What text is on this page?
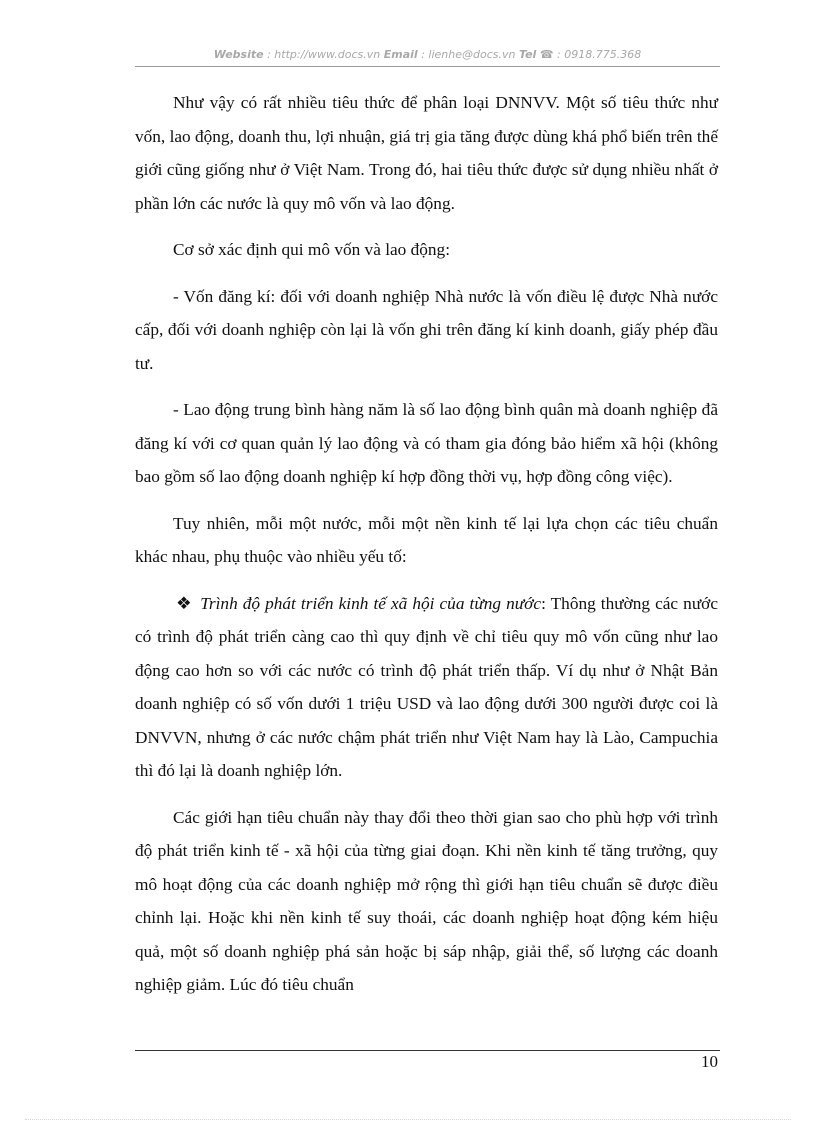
Website : http://www.docs.vn Email : lienhe@docs.vn Tel ☎ : 0918.775.368

Như vậy có rất nhiều tiêu thức để phân loại DNNVV. Một số tiêu thức như vốn, lao động, doanh thu, lợi nhuận, giá trị gia tăng được dùng khá phổ biến trên thế giới cũng giống như ở Việt Nam. Trong đó, hai tiêu thức được sử dụng nhiều nhất ở phần lớn các nước là quy mô vốn và lao động.

Cơ sở xác định qui mô vốn và lao động:

- Vốn đăng kí: đối với doanh nghiệp Nhà nước là vốn điều lệ được Nhà nước cấp, đối với doanh nghiệp còn lại là vốn ghi trên đăng kí kinh doanh, giấy phép đầu tư.

- Lao động trung bình hàng năm là số lao động bình quân mà doanh nghiệp đã đăng kí với cơ quan quản lý lao động và có tham gia đóng bảo hiểm xã hội (không bao gồm số lao động doanh nghiệp kí hợp đồng thời vụ, hợp đồng công việc).

Tuy nhiên, mỗi một nước, mỗi một nền kinh tế lại lựa chọn các tiêu chuẩn khác nhau, phụ thuộc vào nhiều yếu tố:

❖ Trình độ phát triển kinh tế xã hội của từng nước: Thông thường các nước có trình độ phát triển càng cao thì quy định về chỉ tiêu quy mô vốn cũng như lao động cao hơn so với các nước có trình độ phát triển thấp. Ví dụ như ở Nhật Bản doanh nghiệp có số vốn dưới 1 triệu USD và lao động dưới 300 người được coi là DNVVN, nhưng ở các nước chậm phát triển như Việt Nam hay là Lào, Campuchia thì đó lại là doanh nghiệp lớn.

Các giới hạn tiêu chuẩn này thay đổi theo thời gian sao cho phù hợp với trình độ phát triển kinh tế - xã hội của từng giai đoạn. Khi nền kinh tế tăng trưởng, quy mô hoạt động của các doanh nghiệp mở rộng thì giới hạn tiêu chuẩn sẽ được điều chỉnh lại. Hoặc khi nền kinh tế suy thoái, các doanh nghiệp hoạt động kém hiệu quả, một số doanh nghiệp phá sản hoặc bị sáp nhập, giải thể, số lượng các doanh nghiệp giảm. Lúc đó tiêu chuẩn

10
